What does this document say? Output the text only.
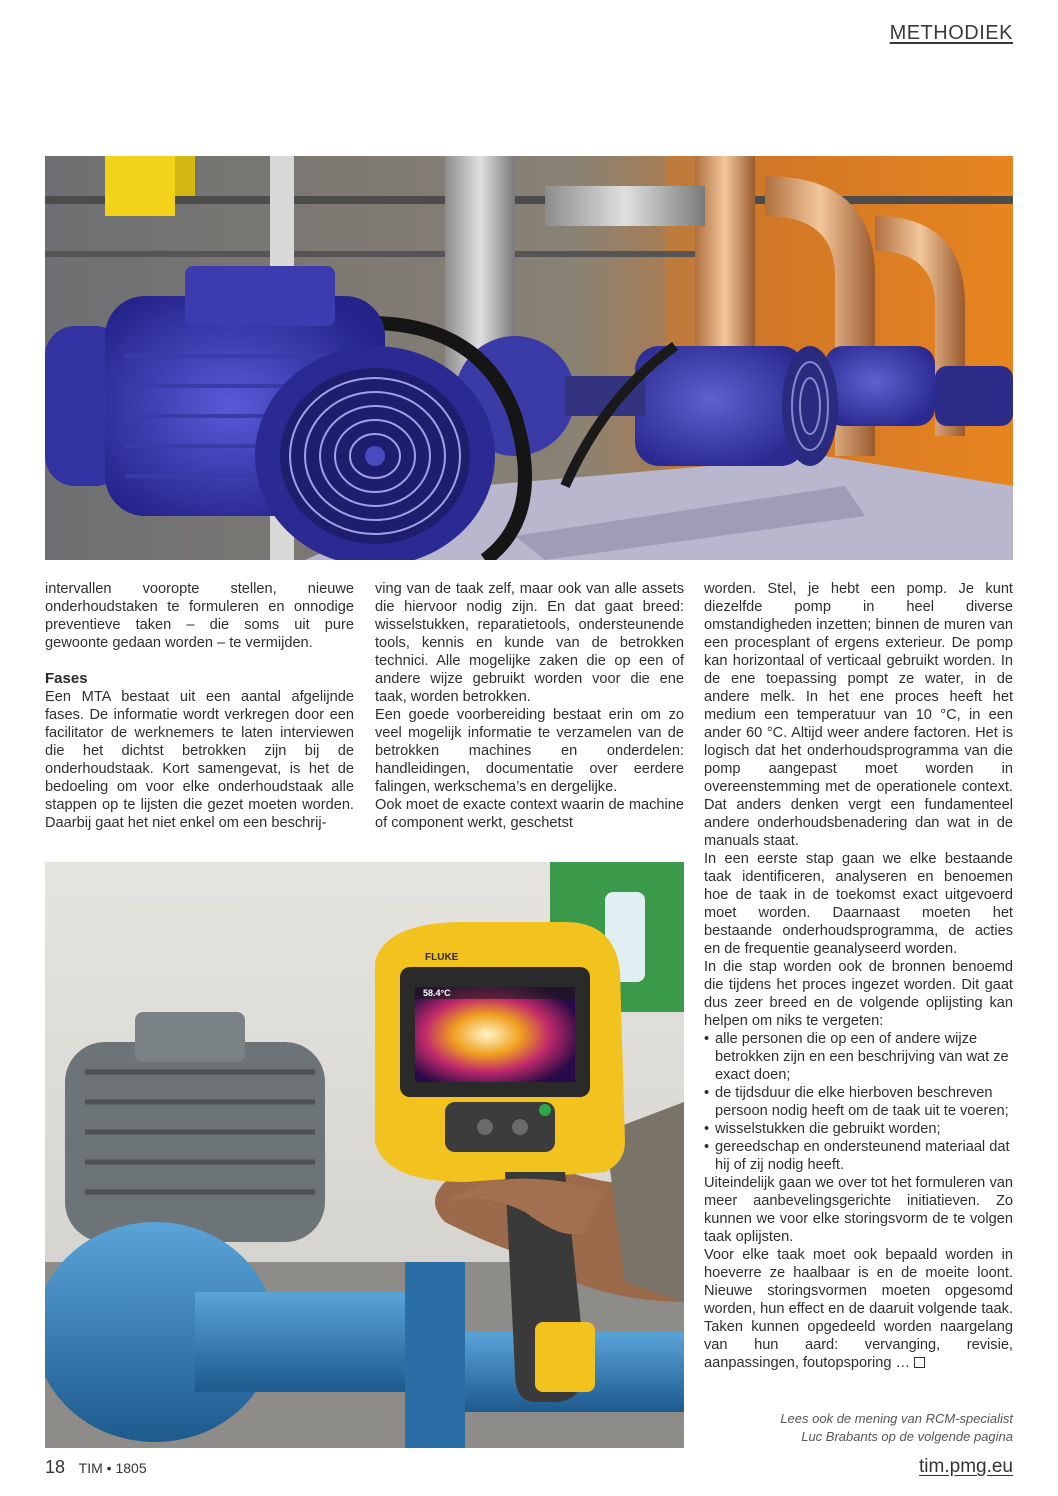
METHODIEK

intervallen vooropte stellen, nieuwe onderhoudstaken te formuleren en onnodige preventieve taken – die soms uit pure gewoonte gedaan worden – te vermijden.

Fases

Een MTA bestaat uit een aantal afgelijnde fases. De informatie wordt verkregen door een facilitator de werknemers te laten interviewen die het dichtst betrokken zijn bij de onderhoudstaak. Kort samengevat, is het de bedoeling om voor elke onderhoudstaak alle stappen op te lijsten die gezet moeten worden. Daarbij gaat het niet enkel om een beschrij-

ving van de taak zelf, maar ook van alle assets die hiervoor nodig zijn. En dat gaat breed: wisselstukken, reparatietools, ondersteunende tools, kennis en kunde van de betrokken technici. Alle mogelijke zaken die op een of andere wijze gebruikt worden voor die ene taak, worden betrokken.

Een goede voorbereiding bestaat erin om zo veel mogelijk informatie te verzamelen van de betrokken machines en onderdelen: handleidingen, documentatie over eerdere falingen, werkschema’s en dergelijke.

Ook moet de exacte context waarin de machine of component werkt, geschetst

worden. Stel, je hebt een pomp. Je kunt diezelfde pomp in heel diverse omstandigheden inzetten; binnen de muren van een procesplant of ergens exterieur. De pomp kan horizontaal of verticaal gebruikt worden. In de ene toepassing pompt ze water, in de andere melk. In het ene proces heeft het medium een temperatuur van 10 °C, in een ander 60 °C. Altijd weer andere factoren. Het is logisch dat het onderhoudsprogramma van die pomp aangepast moet worden in overeenstemming met de operationele context. Dat anders denken vergt een fundamenteel andere onderhoudsbenadering dan wat in de manuals staat.

In een eerste stap gaan we elke bestaande taak identificeren, analyseren en benoemen hoe de taak in de toekomst exact uitgevoerd moet worden. Daarnaast moeten het bestaande onderhoudsprogramma, de acties en de frequentie geanalyseerd worden.

In die stap worden ook de bronnen benoemd die tijdens het proces ingezet worden. Dit gaat dus zeer breed en de volgende oplijsting kan helpen om niks te vergeten:

• alle personen die op een of andere wijze betrokken zijn en een beschrijving van wat ze exact doen;
• de tijdsduur die elke hierboven beschreven persoon nodig heeft om de taak uit te voeren;
• wisselstukken die gebruikt worden;
• gereedschap en ondersteunend materiaal dat hij of zij nodig heeft.

Uiteindelijk gaan we over tot het formuleren van meer aanbevelingsgerichte initiatieven. Zo kunnen we voor elke storingsvorm de te volgen taak oplijsten.

Voor elke taak moet ook bepaald worden in hoeverre ze haalbaar is en de moeite loont. Nieuwe storingsvormen moeten opgesomd worden, hun effect en de daaruit volgende taak. Taken kunnen opgedeeld worden naargelang van hun aard: vervanging, revisie, aanpassingen, foutopsporing …

58.4°C
FLUKE
Lees ook de mening van RCM-specialist
Luc Brabants op de volgende pagina
18 TIM • 1805	tim.pmg.eu
